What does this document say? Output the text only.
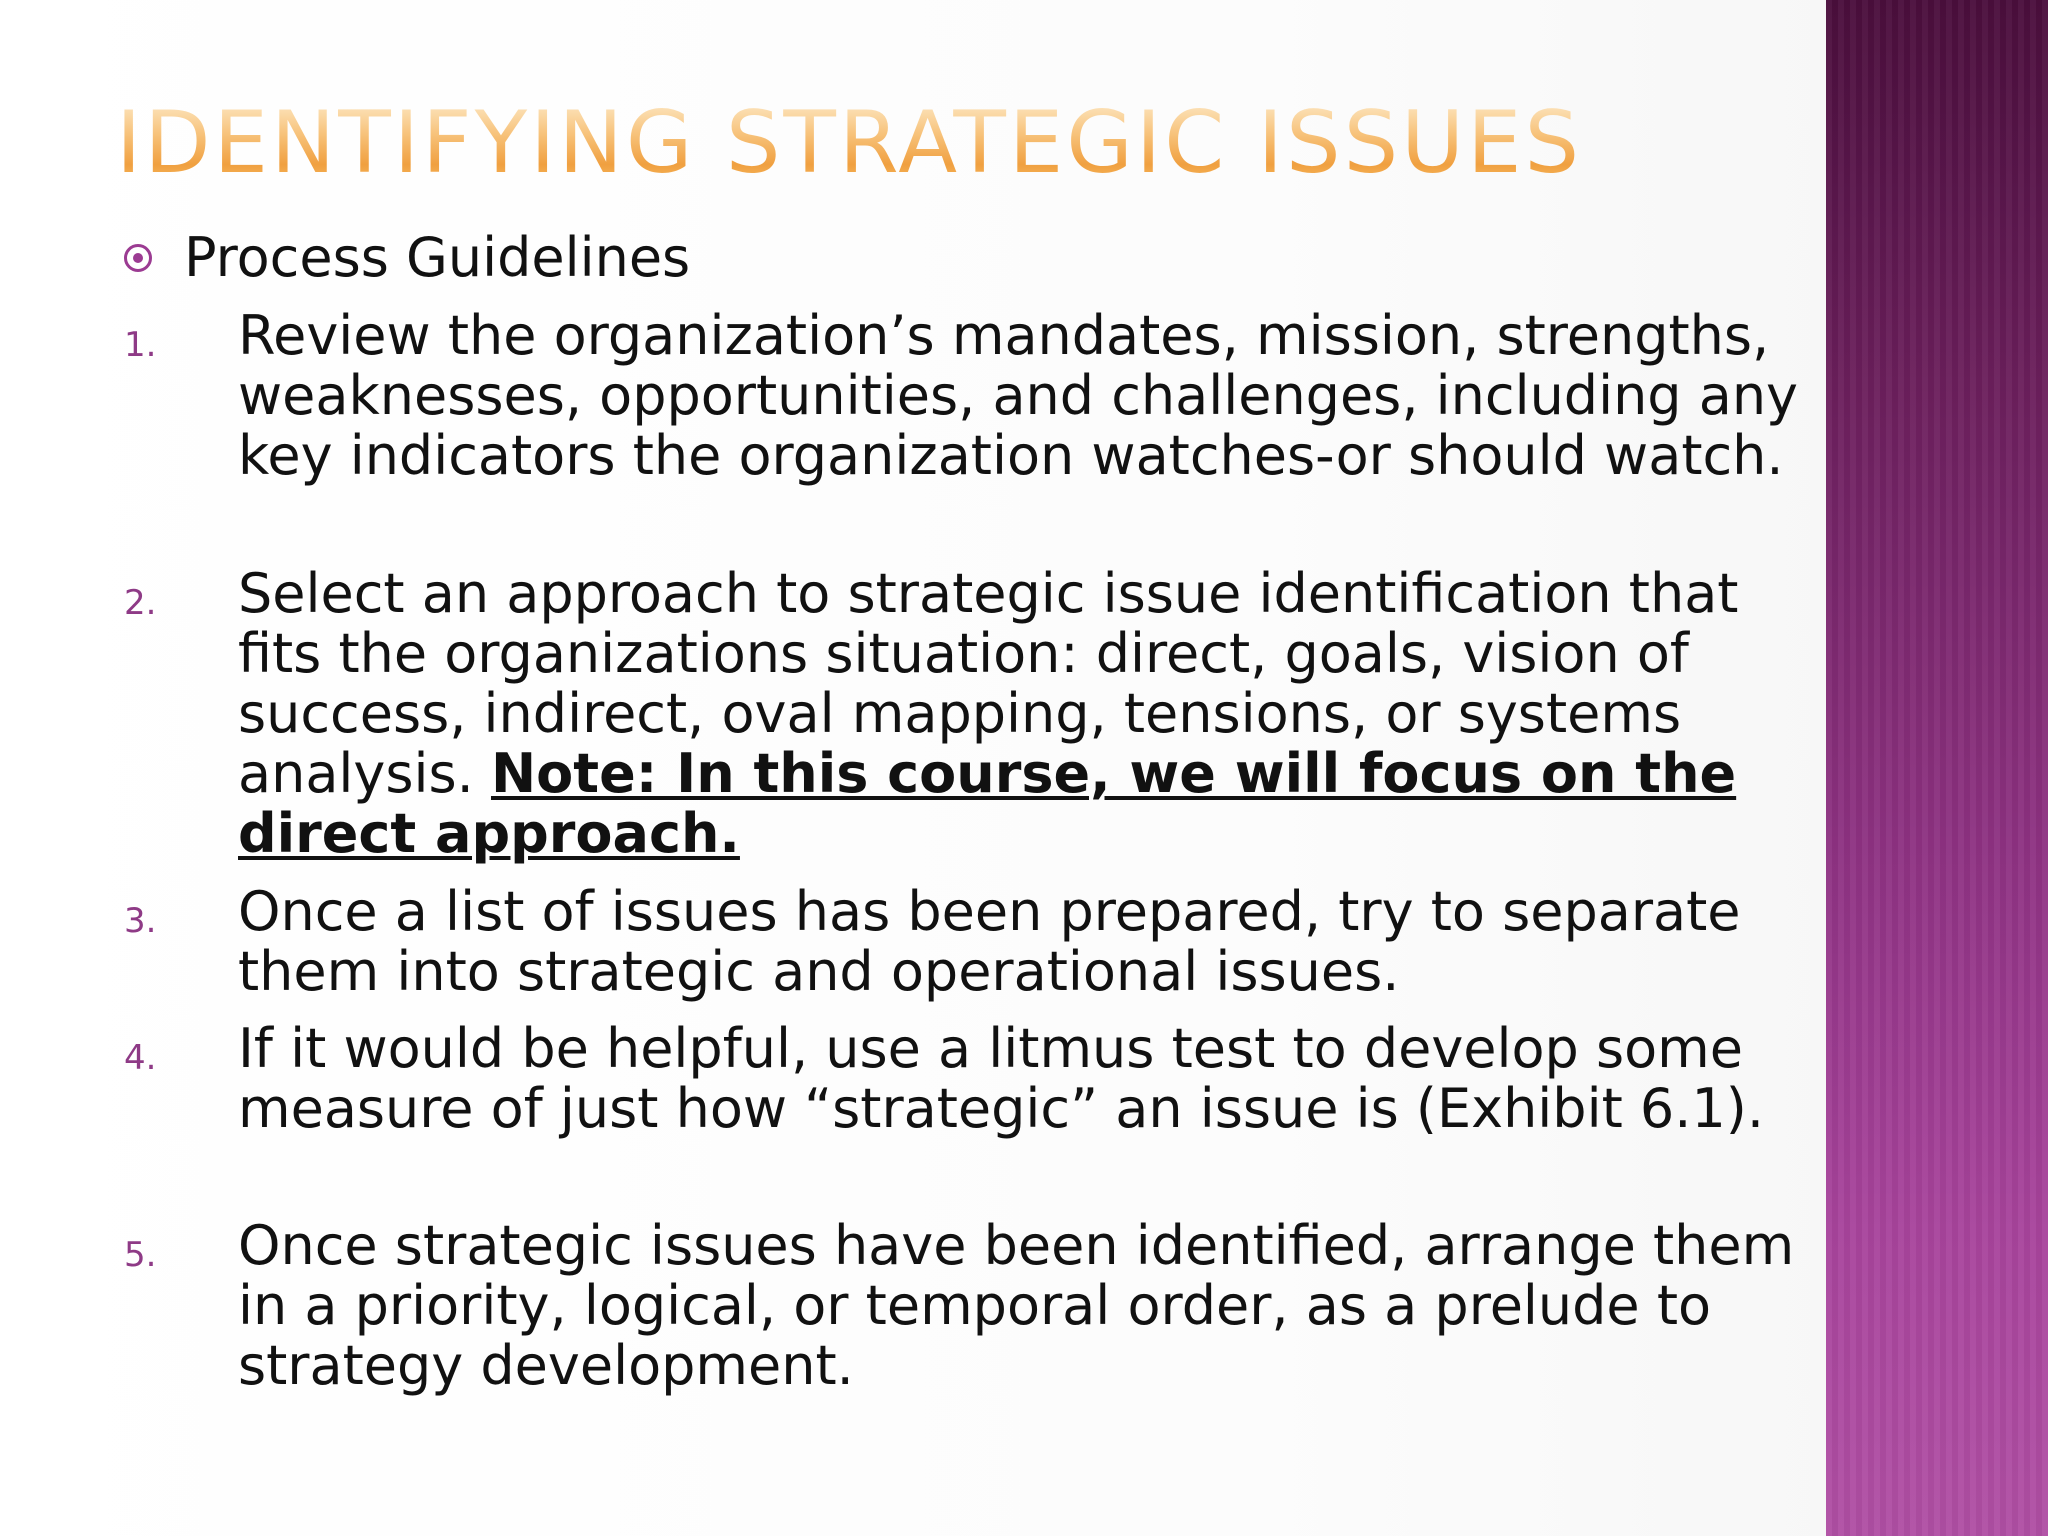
IDENTIFYING STRATEGIC ISSUES
Process Guidelines
1. Review the organization’s mandates, mission, strengths, weaknesses, opportunities, and challenges, including any key indicators the organization watches-or should watch.
2. Select an approach to strategic issue identification that fits the organizations situation: direct, goals, vision of success, indirect, oval mapping, tensions, or systems analysis. Note: In this course, we will focus on the direct approach.
3. Once a list of issues has been prepared, try to separate them into strategic and operational issues.
4. If it would be helpful, use a litmus test to develop some measure of just how “strategic” an issue is (Exhibit 6.1).
5. Once strategic issues have been identified, arrange them in a priority, logical, or temporal order, as a prelude to strategy development.
